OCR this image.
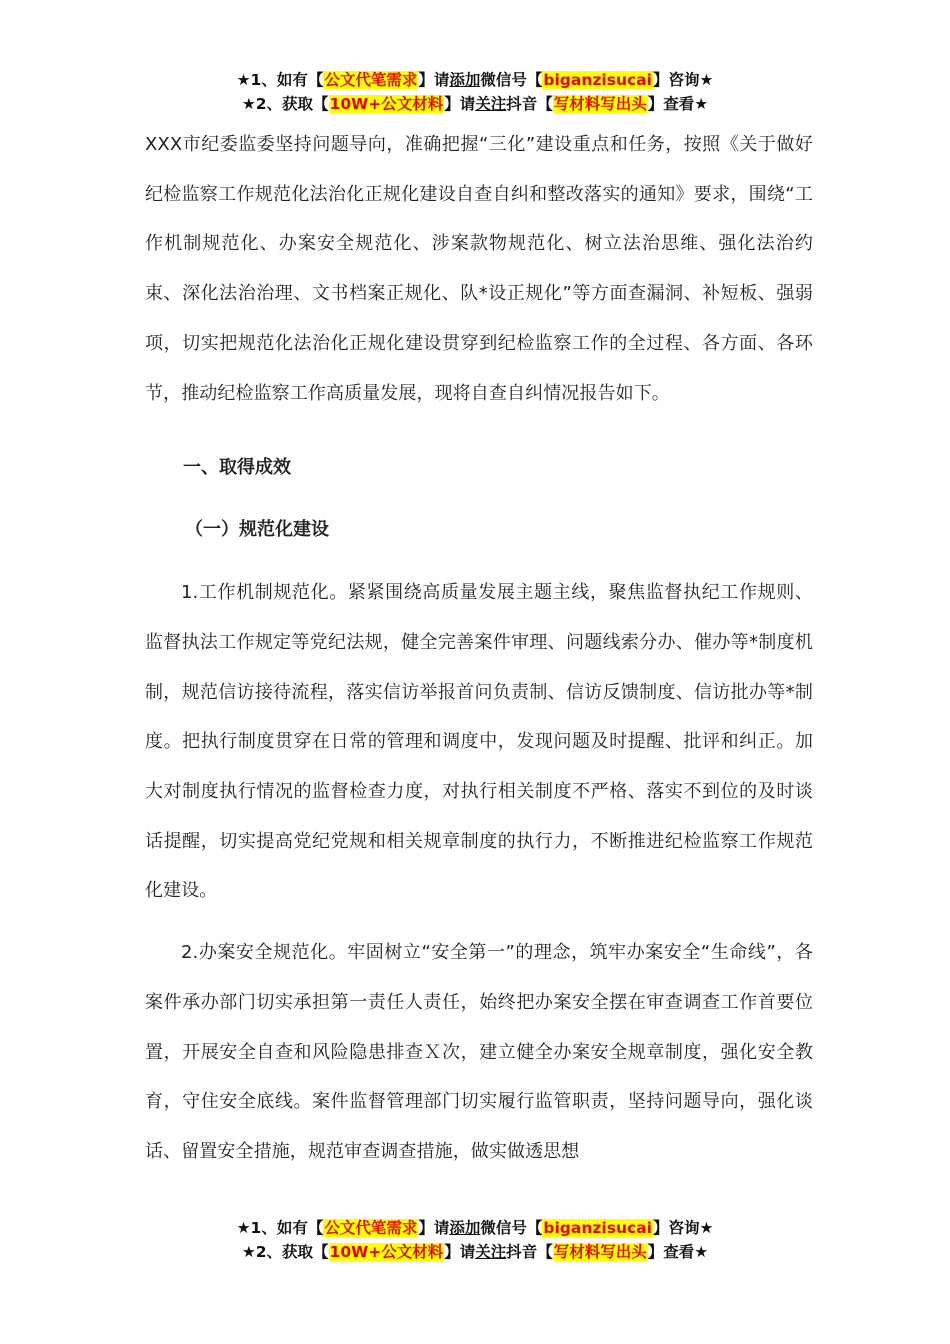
★1、如有【公文代笔需求】请添加微信号【biganzisucai】咨询★
★2、获取【10W+公文材料】请关注抖音【写材料写出头】查看★

XXX市纪委监委坚持问题导向，准确把握“三化”建设重点和任务，按照《关于做好纪检监察工作规范化法治化正规化建设自查自纠和整改落实的通知》要求，围绕“工作机制规范化、办案安全规范化、涉案款物规范化、树立法治思维、强化法治约束、深化法治治理、文书档案正规化、队*设正规化”等方面查漏洞、补短板、强弱项，切实把规范化法治化正规化建设贯穿到纪检监察工作的全过程、各方面、各环节，推动纪检监察工作高质量发展，现将自查自纠情况报告如下。

一、取得成效

（一）规范化建设

1.工作机制规范化。紧紧围绕高质量发展主题主线，聚焦监督执纪工作规则、监督执法工作规定等党纪法规，健全完善案件审理、问题线索分办、催办等*制度机制，规范信访接待流程，落实信访举报首问负责制、信访反馈制度、信访批办等*制度。把执行制度贯穿在日常的管理和调度中，发现问题及时提醒、批评和纠正。加大对制度执行情况的监督检查力度，对执行相关制度不严格、落实不到位的及时谈话提醒，切实提高党纪党规和相关规章制度的执行力，不断推进纪检监察工作规范化建设。

2.办案安全规范化。牢固树立“安全第一”的理念，筑牢办案安全“生命线”，各案件承办部门切实承担第一责任人责任，始终把办案安全摆在审查调查工作首要位置，开展安全自查和风险隐患排查Ｘ次，建立健全办案安全规章制度，强化安全教育，守住安全底线。案件监督管理部门切实履行监管职责，坚持问题导向，强化谈话、留置安全措施，规范审查调查措施，做实做透思想

★1、如有【公文代笔需求】请添加微信号【biganzisucai】咨询★
★2、获取【10W+公文材料】请关注抖音【写材料写出头】查看★
